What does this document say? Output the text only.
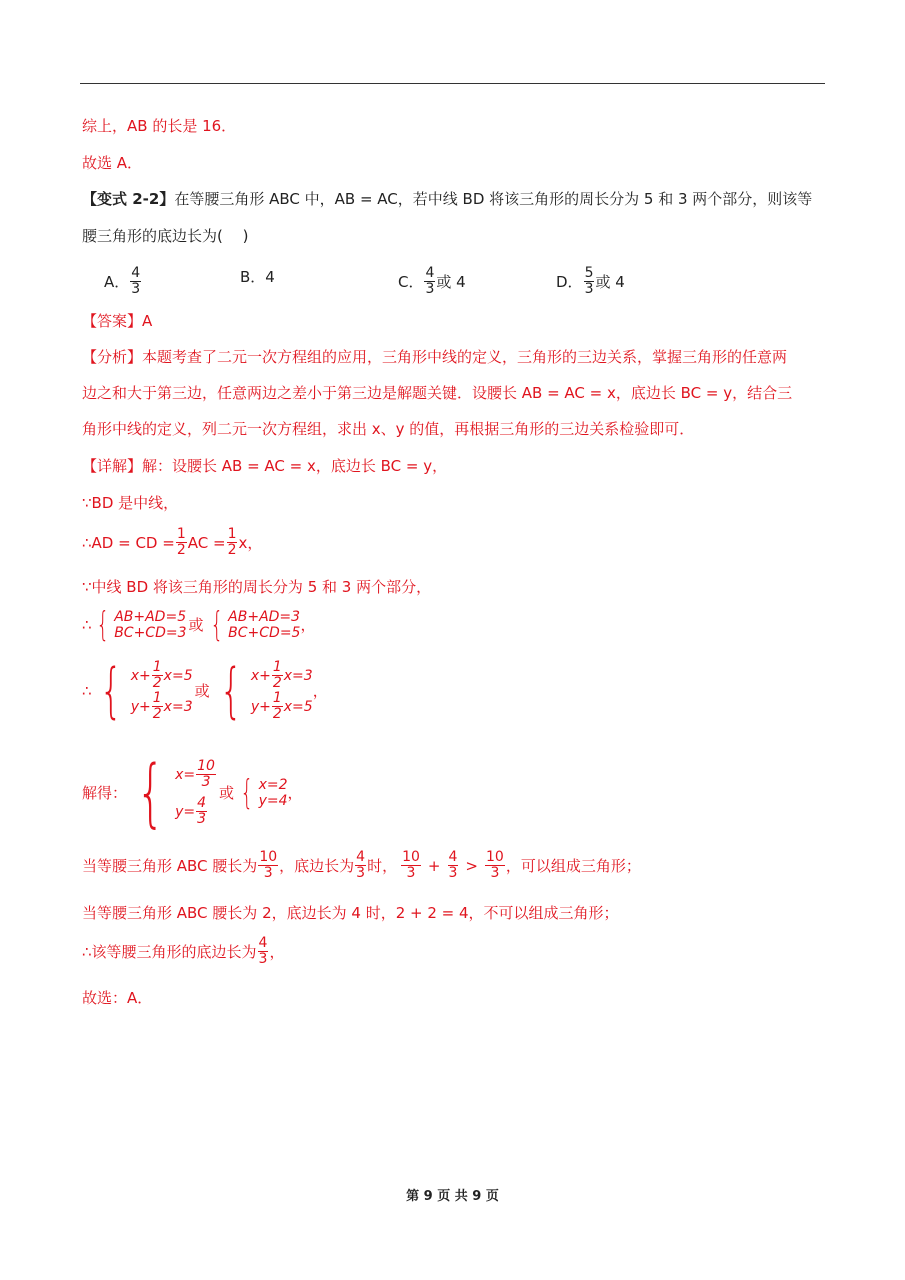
综上，AB 的长是 16．
故选 A．
【变式 2-2】在等腰三角形 ABC 中，AB = AC，若中线 BD 将该三角形的周长分为 5 和 3 两个部分，则该等
腰三角形的底边长为(　 )
A． $\frac{4}{3}$	B．4	C． $\frac{4}{3}$ 或 4	D． $\frac{5}{3}$ 或 4
【答案】A
【分析】本题考查了二元一次方程组的应用，三角形中线的定义，三角形的三边关系，掌握三角形的任意两
边之和大于第三边，任意两边之差小于第三边是解题关键．设腰长 AB = AC = x，底边长 BC = y，结合三
角形中线的定义，列二元一次方程组，求出 x、y 的值，再根据三角形的三边关系检验即可．
【详解】解：设腰长 AB = AC = x，底边长 BC = y，
∵BD 是中线，
∴AD = CD = $\frac{1}{2}$ AC = $\frac{1}{2}$ x，
∵中线 BD 将该三角形的周长分为 5 和 3 两个部分，
∴ { AB+AD=5
BC+CD=3 或 { AB+AD=3
BC+CD=5 ，
∴ { $x+ \frac{1}{2} x=5$
$y+ \frac{1}{2} x=3$
或 { $x+ \frac{1}{2} x=3$
$y+ \frac{1}{2} x=5$
，
解得： { $x= \frac{10}{3}$
$y= \frac{4}{3}$
或 { x=2
y=4 ，
当等腰三角形 ABC 腰长为 $\frac{10}{3}$ ，底边长为 $\frac{4}{3}$ 时， $\frac{10}{3} + \frac{4}{3} > \frac{10}{3}$ ，可以组成三角形；
当等腰三角形 ABC 腰长为 2，底边长为 4 时，2 + 2 = 4，不可以组成三角形；
∴该等腰三角形的底边长为 $\frac{4}{3}$ ，
故选：A．
第 9 页 共 9 页
